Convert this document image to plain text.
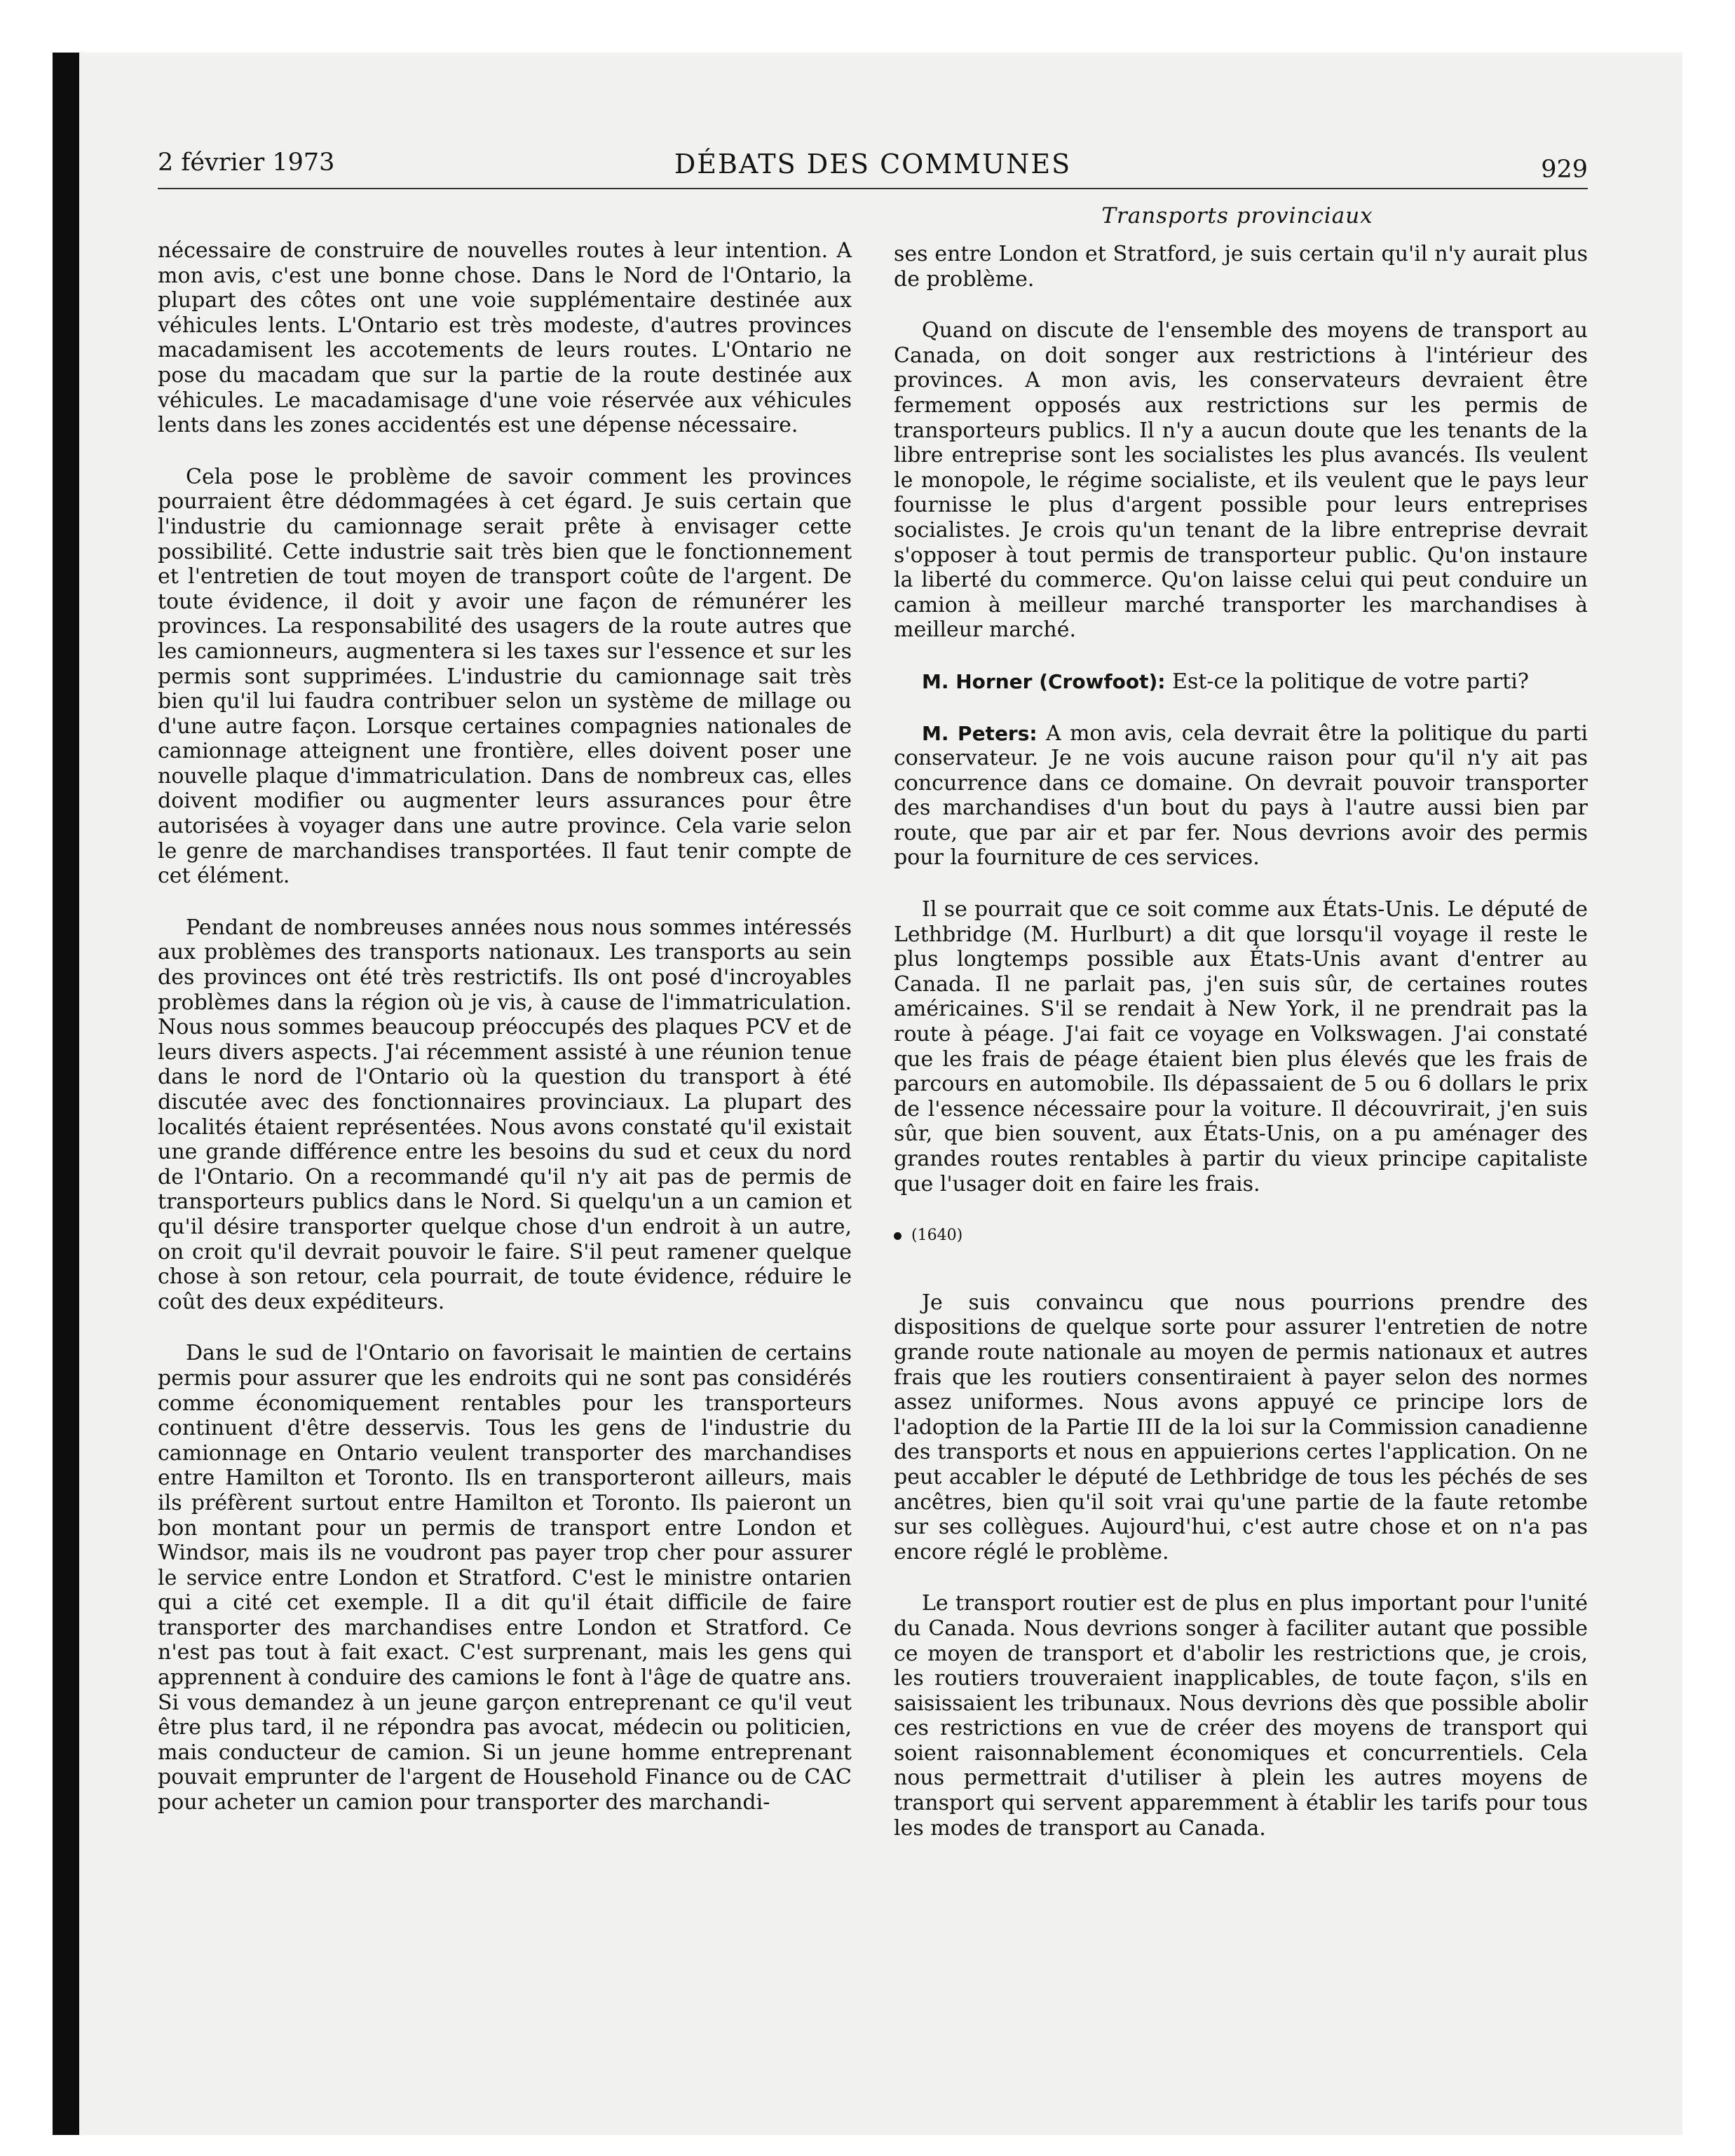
2 février 1973	DÉBATS DES COMMUNES	929
Transports provinciaux

nécessaire de construire de nouvelles routes à leur intention. A mon avis, c'est une bonne chose. Dans le Nord de l'Ontario, la plupart des côtes ont une voie supplémentaire destinée aux véhicules lents. L'Ontario est très modeste, d'autres provinces macadamisent les accotements de leurs routes. L'Ontario ne pose du macadam que sur la partie de la route destinée aux véhicules. Le macadamisage d'une voie réservée aux véhicules lents dans les zones accidentés est une dépense nécessaire.

Cela pose le problème de savoir comment les provinces pourraient être dédommagées à cet égard. Je suis certain que l'industrie du camionnage serait prête à envisager cette possibilité. Cette industrie sait très bien que le fonctionnement et l'entretien de tout moyen de transport coûte de l'argent. De toute évidence, il doit y avoir une façon de rémunérer les provinces. La responsabilité des usagers de la route autres que les camionneurs, augmentera si les taxes sur l'essence et sur les permis sont supprimées. L'industrie du camionnage sait très bien qu'il lui faudra contribuer selon un système de millage ou d'une autre façon. Lorsque certaines compagnies nationales de camionnage atteignent une frontière, elles doivent poser une nouvelle plaque d'immatriculation. Dans de nombreux cas, elles doivent modifier ou augmenter leurs assurances pour être autorisées à voyager dans une autre province. Cela varie selon le genre de marchandises transportées. Il faut tenir compte de cet élément.

Pendant de nombreuses années nous nous sommes intéressés aux problèmes des transports nationaux. Les transports au sein des provinces ont été très restrictifs. Ils ont posé d'incroyables problèmes dans la région où je vis, à cause de l'immatriculation. Nous nous sommes beaucoup préoccupés des plaques PCV et de leurs divers aspects. J'ai récemment assisté à une réunion tenue dans le nord de l'Ontario où la question du transport à été discutée avec des fonctionnaires provinciaux. La plupart des localités étaient représentées. Nous avons constaté qu'il existait une grande différence entre les besoins du sud et ceux du nord de l'Ontario. On a recommandé qu'il n'y ait pas de permis de transporteurs publics dans le Nord. Si quelqu'un a un camion et qu'il désire transporter quelque chose d'un endroit à un autre, on croit qu'il devrait pouvoir le faire. S'il peut ramener quelque chose à son retour, cela pourrait, de toute évidence, réduire le coût des deux expéditeurs.

Dans le sud de l'Ontario on favorisait le maintien de certains permis pour assurer que les endroits qui ne sont pas considérés comme économiquement rentables pour les transporteurs continuent d'être desservis. Tous les gens de l'industrie du camionnage en Ontario veulent transporter des marchandises entre Hamilton et Toronto. Ils en transporteront ailleurs, mais ils préfèrent surtout entre Hamilton et Toronto. Ils paieront un bon montant pour un permis de transport entre London et Windsor, mais ils ne voudront pas payer trop cher pour assurer le service entre London et Stratford. C'est le ministre ontarien qui a cité cet exemple. Il a dit qu'il était difficile de faire transporter des marchandises entre London et Stratford. Ce n'est pas tout à fait exact. C'est surprenant, mais les gens qui apprennent à conduire des camions le font à l'âge de quatre ans. Si vous demandez à un jeune garçon entreprenant ce qu'il veut être plus tard, il ne répondra pas avocat, médecin ou politicien, mais conducteur de camion. Si un jeune homme entreprenant pouvait emprunter de l'argent de Household Finance ou de CAC pour acheter un camion pour transporter des marchandi-

ses entre London et Stratford, je suis certain qu'il n'y aurait plus de problème.

Quand on discute de l'ensemble des moyens de transport au Canada, on doit songer aux restrictions à l'intérieur des provinces. A mon avis, les conservateurs devraient être fermement opposés aux restrictions sur les permis de transporteurs publics. Il n'y a aucun doute que les tenants de la libre entreprise sont les socialistes les plus avancés. Ils veulent le monopole, le régime socialiste, et ils veulent que le pays leur fournisse le plus d'argent possible pour leurs entreprises socialistes. Je crois qu'un tenant de la libre entreprise devrait s'opposer à tout permis de transporteur public. Qu'on instaure la liberté du commerce. Qu'on laisse celui qui peut conduire un camion à meilleur marché transporter les marchandises à meilleur marché.

M. Horner (Crowfoot): Est-ce la politique de votre parti?

M. Peters: A mon avis, cela devrait être la politique du parti conservateur. Je ne vois aucune raison pour qu'il n'y ait pas concurrence dans ce domaine. On devrait pouvoir transporter des marchandises d'un bout du pays à l'autre aussi bien par route, que par air et par fer. Nous devrions avoir des permis pour la fourniture de ces services.

Il se pourrait que ce soit comme aux États-Unis. Le député de Lethbridge (M. Hurlburt) a dit que lorsqu'il voyage il reste le plus longtemps possible aux États-Unis avant d'entrer au Canada. Il ne parlait pas, j'en suis sûr, de certaines routes américaines. S'il se rendait à New York, il ne prendrait pas la route à péage. J'ai fait ce voyage en Volkswagen. J'ai constaté que les frais de péage étaient bien plus élevés que les frais de parcours en automobile. Ils dépassaient de 5 ou 6 dollars le prix de l'essence nécessaire pour la voiture. Il découvrirait, j'en suis sûr, que bien souvent, aux États-Unis, on a pu aménager des grandes routes rentables à partir du vieux principe capitaliste que l'usager doit en faire les frais.

(1640)

Je suis convaincu que nous pourrions prendre des dispositions de quelque sorte pour assurer l'entretien de notre grande route nationale au moyen de permis nationaux et autres frais que les routiers consentiraient à payer selon des normes assez uniformes. Nous avons appuyé ce principe lors de l'adoption de la Partie III de la loi sur la Commission canadienne des transports et nous en appuierions certes l'application. On ne peut accabler le député de Lethbridge de tous les péchés de ses ancêtres, bien qu'il soit vrai qu'une partie de la faute retombe sur ses collègues. Aujourd'hui, c'est autre chose et on n'a pas encore réglé le problème.

Le transport routier est de plus en plus important pour l'unité du Canada. Nous devrions songer à faciliter autant que possible ce moyen de transport et d'abolir les restrictions que, je crois, les routiers trouveraient inapplicables, de toute façon, s'ils en saisissaient les tribunaux. Nous devrions dès que possible abolir ces restrictions en vue de créer des moyens de transport qui soient raisonnablement économiques et concurrentiels. Cela nous permettrait d'utiliser à plein les autres moyens de transport qui servent apparemment à établir les tarifs pour tous les modes de transport au Canada.
